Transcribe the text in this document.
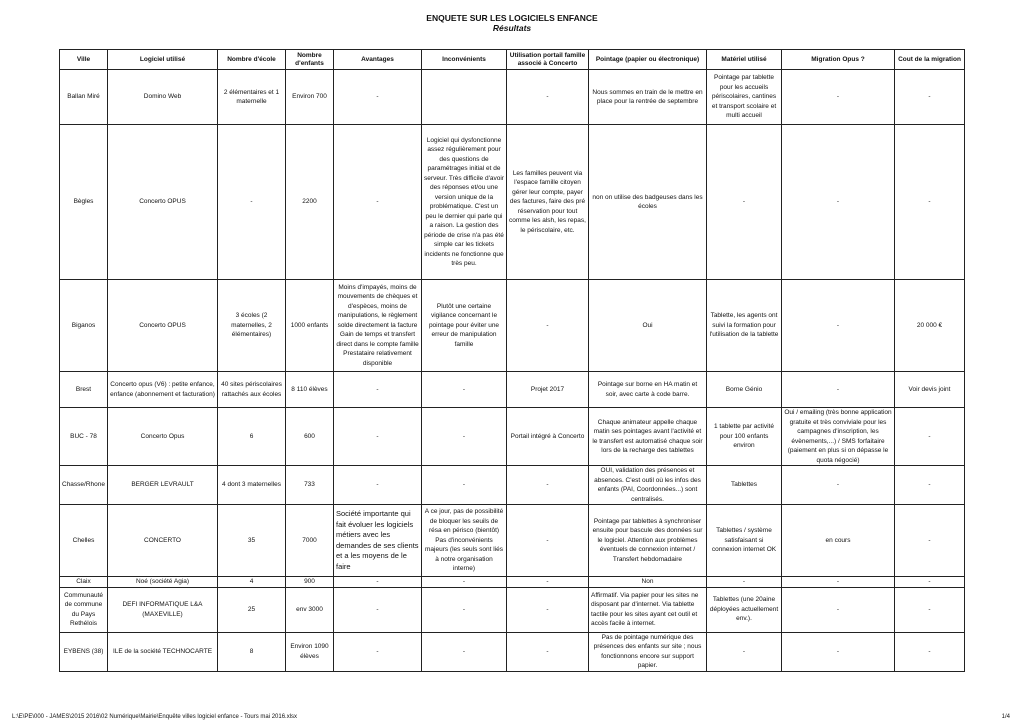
ENQUETE SUR LES LOGICIELS ENFANCE
Résultats
Ville	Logiciel utilisé	Nombre d'école	Nombre d'enfants	Avantages	Inconvénients	Utilisation portail famille associé à Concerto	Pointage (papier ou électronique)	Matériel utilisé	Migration Opus ?	Cout de la migration
Ballan Miré	Domino Web	2 élémentaires et 1 maternelle	Environ 700	-		-	Nous sommes en train de le mettre en place pour la rentrée de septembre	Pointage par tablette pour les accueils périscolaires, cantines et transport scolaire et multi accueil	-	-
Bègles	Concerto OPUS	-	2200	-	Logiciel qui dysfonctionne assez régulièrement pour des questions de paramétrages initial et de serveur. Très difficile d'avoir des réponses et/ou une version unique de la problématique. C'est un peu le dernier qui parle qui a raison. La gestion des période de crise n'a pas été simple car les tickets incidents ne fonctionne que très peu.	Les familles peuvent via l'espace famille citoyen gérer leur compte, payer des factures, faire des pré réservation pour tout comme les alsh, les repas, le périscolaire, etc.	non on utilise des badgeuses dans les écoles	-	-	-
Biganos	Concerto OPUS	3 écoles (2 maternelles, 2 élémentaires)	1000 enfants	Moins d'impayés, moins de mouvements de chèques et d'espèces, moins de manipulations, le règlement solde directement la facture Gain de temps et transfert direct dans le compte famille Prestataire relativement disponible	Plutôt une certaine vigilance concernant le pointage pour éviter une erreur de manipulation famille	-	Oui	Tablette, les agents ont suivi la formation pour l'utilisation de la tablette	-	20 000 €
Brest	Concerto opus (V6) : petite enfance, enfance (abonnement et facturation)	40 sites périscolaires rattachés aux écoles	8 110 élèves	-	-	Projet 2017	Pointage sur borne en HA matin et soir, avec carte à code barre.	Borne Génio	-	Voir devis joint
BUC - 78	Concerto Opus	6	600	-	-	Portail intégré à Concerto	Chaque animateur appelle chaque matin ses pointages avant l'activité et le transfert est automatisé chaque soir lors de la recharge des tablettes	1 tablette par activité pour 100 enfants environ	Oui / emailing (très bonne application gratuite et très conviviale pour les campagnes d'inscription, les évènements,...) / SMS forfaitaire (paiement en plus si on dépasse le quota négocié)	-
Chasse/Rhone	BERGER LEVRAULT	4 dont 3 maternelles	733	-	-	-	OUI, validation des présences et absences. C'est outil où les infos des enfants (PAI, Coordonnées...) sont centralisés.	Tablettes	-	-
Chelles	CONCERTO	35	7000	Société importante qui fait évoluer les logiciels métiers avec les demandes de ses clients et a les moyens de le faire	A ce jour, pas de possibilité de bloquer les seuils de résa en périsco (bientôt) Pas d'inconvénients majeurs (les seuls sont liés à notre organisation interne)	-	Pointage par tablettes à synchroniser ensuite pour bascule des données sur le logiciel. Attention aux problèmes éventuels de connexion internet / Transfert hebdomadaire	Tablettes / système satisfaisant si connexion internet OK	en cours	-
Claix	Noé (société Agia)	4	900	-	-	-	Non	-	-	-
Communauté de commune du Pays Rethélois	DEFI INFORMATIQUE L&A (MAXEVILLE)	25	env 3000	-	-	-	Affirmatif. Via papier pour les sites ne disposant par d'internet. Via tablette tactile pour les sites ayant cet outil et accès facile à internet.	Tablettes (une 20aine déployées actuellement env.).	-	-
EYBENS (38)	ILE de la société TECHNOCARTE	8	Environ 1090 élèves	-	-	-	Pas de pointage numérique des présences des enfants sur site ; nous fonctionnons encore sur support papier.	-	-	-
L:\E\PE\000 - JAMES\2015 2016\02 Numérique\Mairie\Enquête villes logiciel enfance - Tours mai 2016.xlsx	1/4
